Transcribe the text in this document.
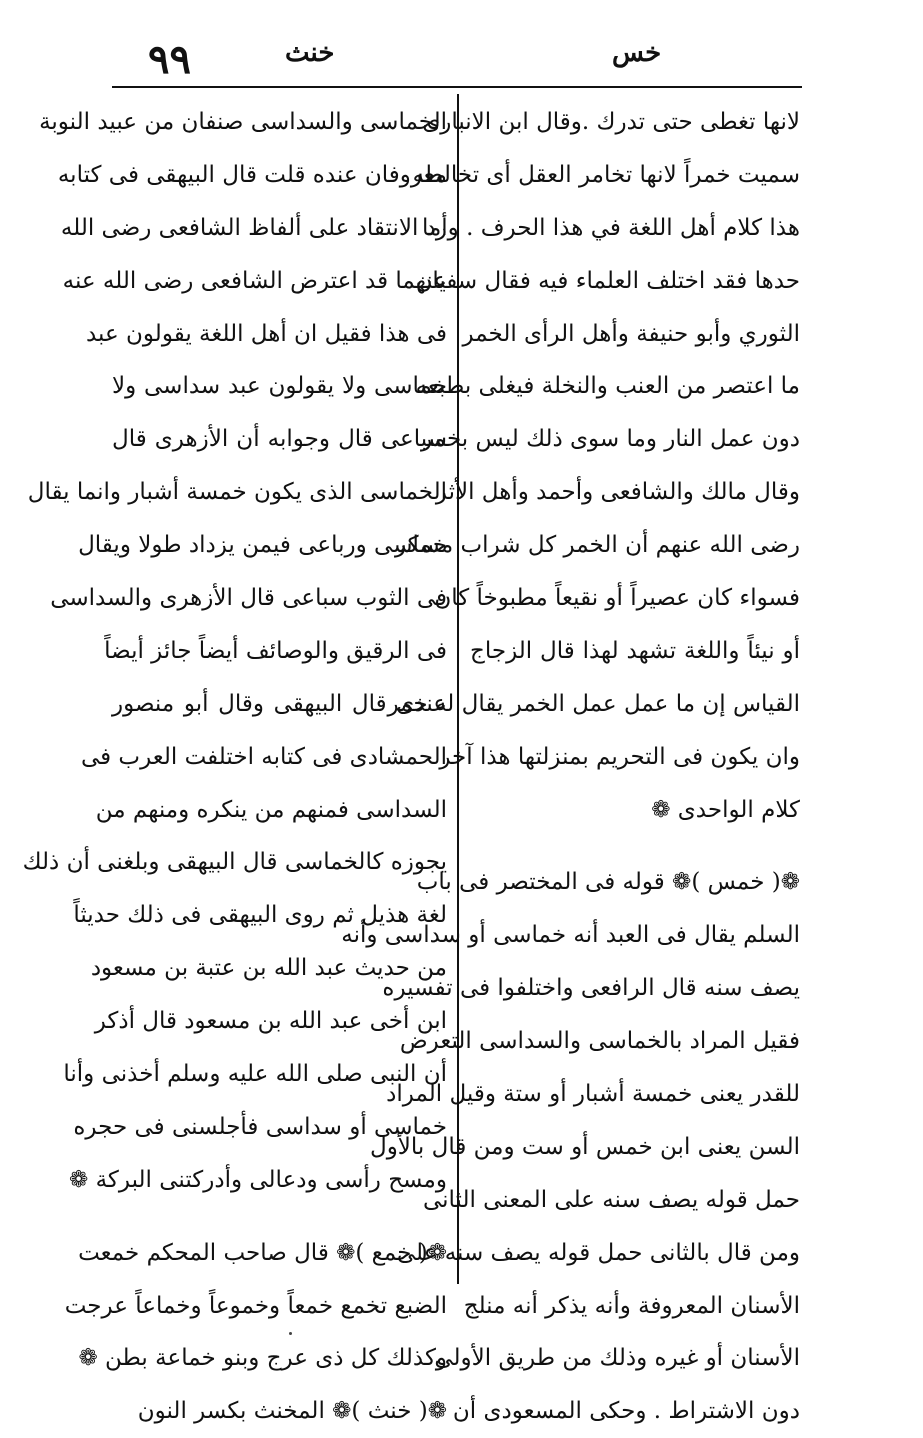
٩٩	خنث	خس
لانها تغطى حتى تدرك .وقال ابن الانبارى
سميت خمراً لانها تخامر العقل أى تخالطه
هذا كلام أهل اللغة في هذا الحرف . وأما
حدها فقد اختلف العلماء فيه فقال سفيان
الثوري وأبو حنيفة وأهل الرأى الخمر
ما اعتصر من العنب والنخلة فيغلى بطبعه
دون عمل النار وما سوى ذلك ليس بخمر
وقال مالك والشافعى وأحمد وأهل الأثر
رضى الله عنهم أن الخمر كل شراب مسكر
فسواء كان عصيراً أو نقيعاً مطبوخاً كان
أو نيئاً واللغة تشهد لهذا قال الزجاج
القياس إن ما عمل عمل الخمر يقال له خمر
وان يكون فى التحريم بمنزلتها هذا آخر
كلام الواحدى ❁
❁( خمس )❁ قوله فى المختصر فى باب
السلم يقال فى العبد أنه خماسى أو سداسى وأنه
يصف سنه قال الرافعى واختلفوا فى تفسيره
فقيل المراد بالخماسى والسداسى التعرض
للقدر يعنى خمسة أشبار أو ستة وقيل المراد
السن يعنى ابن خمس أو ست ومن قال بالأول
حمل قوله يصف سنه على المعنى الثانى
ومن قال بالثانى حمل قوله يصف سنه على
الأسنان المعروفة وأنه يذكر أنه منلج
الأسنان أو غيره وذلك من طريق الأولى
دون الاشتراط . وحكى المسعودى أن
الخماسى والسداسى صنفان من عبيد النوبة
معروفان عنده قلت قال البيهقى فى كتابه
رد الانتقاد على ألفاظ الشافعى رضى الله
عنهما قد اعترض الشافعى رضى الله عنه
فى هذا فقيل ان أهل اللغة يقولون عبد
خماسى ولا يقولون عبد سداسى ولا
سباعى قال وجوابه أن الأزهرى قال
الخماسى الذى يكون خمسة أشبار وانما يقال
خماسى ورباعى فيمن يزداد طولا ويقال
فى الثوب سباعى قال الأزهرى والسداسى
فى الرقيق والوصائف أيضاً جائز أيضاً
عندى قال البيهقى وقال أبو منصور
الحمشادى فى كتابه اختلفت العرب فى
السداسى فمنهم من ينكره ومنهم من
يجوزه كالخماسى قال البيهقى وبلغنى أن ذلك
لغة هذيل ثم روى البيهقى فى ذلك حديثاً
من حديث عبد الله بن عتبة بن مسعود
ابن أخى عبد الله بن مسعود قال أذكر
أن النبى صلى الله عليه وسلم أخذنى وأنا
خماسى أو سداسى فأجلسنى فى حجره
ومسح رأسى ودعالى وأدركتنى البركة ❁
❁( خمع )❁ قال صاحب المحكم خمعت
الضبع تخمع خمعاً وخموعاً وخماعاً عرجت
وكذلك كل ذى عرج وبنو خماعة بطن ❁
❁( خنث )❁ المخنث بكسر النون
